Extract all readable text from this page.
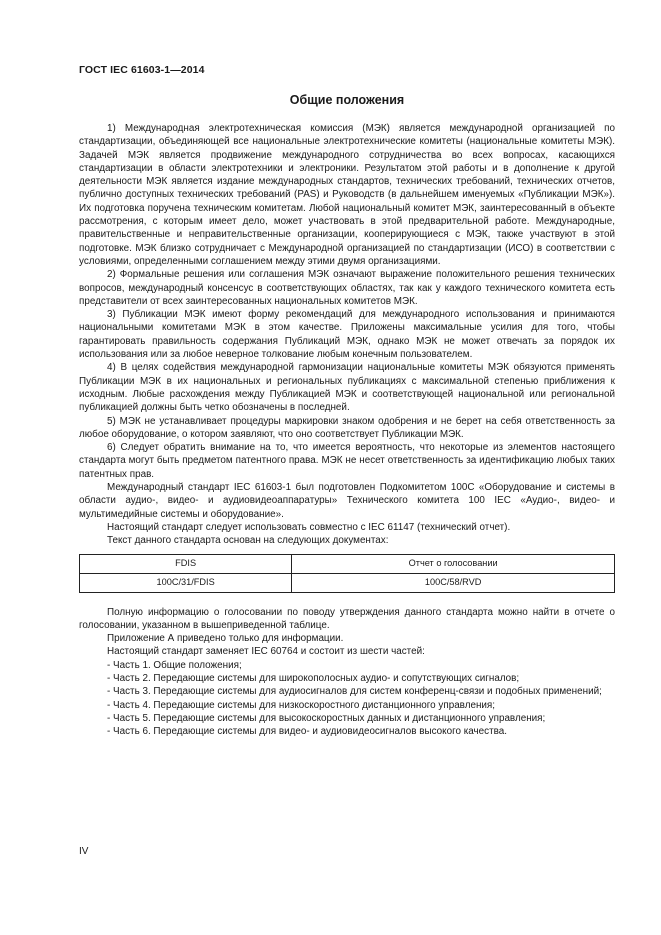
ГОСТ IEC 61603-1—2014
Общие положения

1) Международная электротехническая комиссия (МЭК) является международной организацией по стандартизации, объединяющей все национальные электротехнические комитеты (национальные комитеты МЭК). Задачей МЭК является продвижение международного сотрудничества во всех вопросах, касающихся стандартизации в области электротехники и электроники. Результатом этой работы и в дополнение к другой деятельности МЭК является издание международных стандартов, технических требований, технических отчетов, публично доступных технических требований (PAS) и Руководств (в дальнейшем именуемых «Публикации МЭК»). Их подготовка поручена техническим комитетам. Любой национальный комитет МЭК, заинтересованный в объекте рассмотрения, с которым имеет дело, может участвовать в этой предварительной работе. Международные, правительственные и неправительственные организации, кооперирующиеся с МЭК, также участвуют в этой подготовке. МЭК близко сотрудничает с Международной организацией по стандартизации (ИСО) в соответствии с условиями, определенными соглашением между этими двумя организациями.

2) Формальные решения или соглашения МЭК означают выражение положительного решения технических вопросов, международный консенсус в соответствующих областях, так как у каждого технического комитета есть представители от всех заинтересованных национальных комитетов МЭК.

3) Публикации МЭК имеют форму рекомендаций для международного использования и принимаются национальными комитетами МЭК в этом качестве. Приложены максимальные усилия для того, чтобы гарантировать правильность содержания Публикаций МЭК, однако МЭК не может отвечать за порядок их использования или за любое неверное толкование любым конечным пользователем.

4) В целях содействия международной гармонизации национальные комитеты МЭК обязуются применять Публикации МЭК в их национальных и региональных публикациях с максимальной степенью приближения к исходным. Любые расхождения между Публикацией МЭК и соответствующей национальной или региональной публикацией должны быть четко обозначены в последней.

5) МЭК не устанавливает процедуры маркировки знаком одобрения и не берет на себя ответственность за любое оборудование, о котором заявляют, что оно соответствует Публикации МЭК.

6) Следует обратить внимание на то, что имеется вероятность, что некоторые из элементов настоящего стандарта могут быть предметом патентного права. МЭК не несет ответственность за идентификацию любых таких патентных прав.

Международный стандарт IEC 61603-1 был подготовлен Подкомитетом 100С «Оборудование и системы в области аудио-, видео- и аудиовидеоаппаратуры» Технического комитета 100 IEC «Аудио-, видео- и мультимедийные системы и оборудование».

Настоящий стандарт следует использовать совместно с IEC 61147 (технический отчет).

Текст данного стандарта основан на следующих документах:

FDIS	Отчет о голосовании
100С/31/FDIS	100С/58/RVD

Полную информацию о голосовании по поводу утверждения данного стандарта можно найти в отчете о голосовании, указанном в вышеприведенной таблице.

Приложение А приведено только для информации.

Настоящий стандарт заменяет IEC 60764 и состоит из шести частей:

- Часть 1. Общие положения;

- Часть 2. Передающие системы для широкополосных аудио- и сопутствующих сигналов;

- Часть 3. Передающие системы для аудиосигналов для систем конференц-связи и подобных применений;

- Часть 4. Передающие системы для низкоскоростного дистанционного управления;

- Часть 5. Передающие системы для высокоскоростных данных и дистанционного управления;

- Часть 6. Передающие системы для видео- и аудиовидеосигналов высокого качества.

IV
